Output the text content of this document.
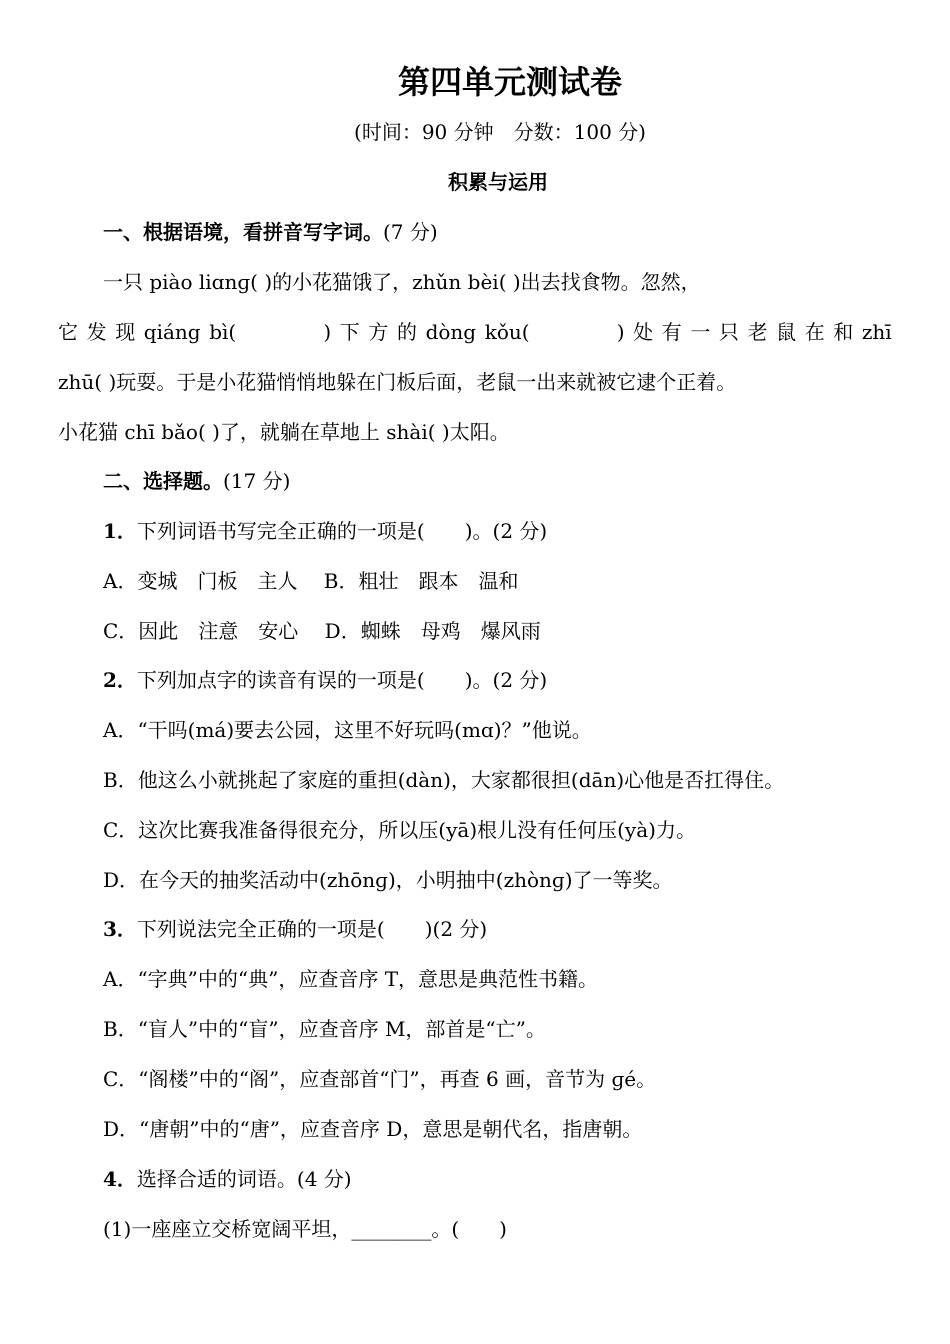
第四单元测试卷
(时间：90 分钟　分数：100 分)
积累与运用
一、根据语境，看拼音写字词。(7 分)
一只 piào liɑnɡ( )的小花猫饿了，zhǔn bèi( )出去找食物。忽然，
它 发 现 qiáng bì(	) 下 方 的 dòng kǒu(	) 处 有 一 只 老 鼠 在 和 zhī
zhū( )玩耍。于是小花猫悄悄地躲在门板后面，老鼠一出来就被它逮个正着。
小花猫 chī bǎo( )了，就躺在草地上 shài( )太阳。
二、选择题。(17 分)
1．下列词语书写完全正确的一项是(　　)。(2 分)
A．变城　门板　主人　 B．粗壮　跟本　温和
C．因此　注意　安心　 D．蜘蛛　母鸡　爆风雨
2．下列加点字的读音有误的一项是(　　)。(2 分)
A．“干吗(má)要去公园，这里不好玩吗(mɑ)？”他说。
B．他这么小就挑起了家庭的重担(dàn)，大家都很担(dān)心他是否扛得住。
C．这次比赛我准备得很充分，所以压(yā)根儿没有任何压(yà)力。
D．在今天的抽奖活动中(zhōnɡ)，小明抽中(zhònɡ)了一等奖。
3．下列说法完全正确的一项是(　　)(2 分)
A．“字典”中的“典”，应查音序 T，意思是典范性书籍。
B．“盲人”中的“盲”，应查音序 M，部首是“亡”。
C．“阁楼”中的“阁”，应查部首“门”，再查 6 画，音节为 ɡé。
D．“唐朝”中的“唐”，应查音序 D，意思是朝代名，指唐朝。
4．选择合适的词语。(4 分)
(1)一座座立交桥宽阔平坦，________。(　　)
